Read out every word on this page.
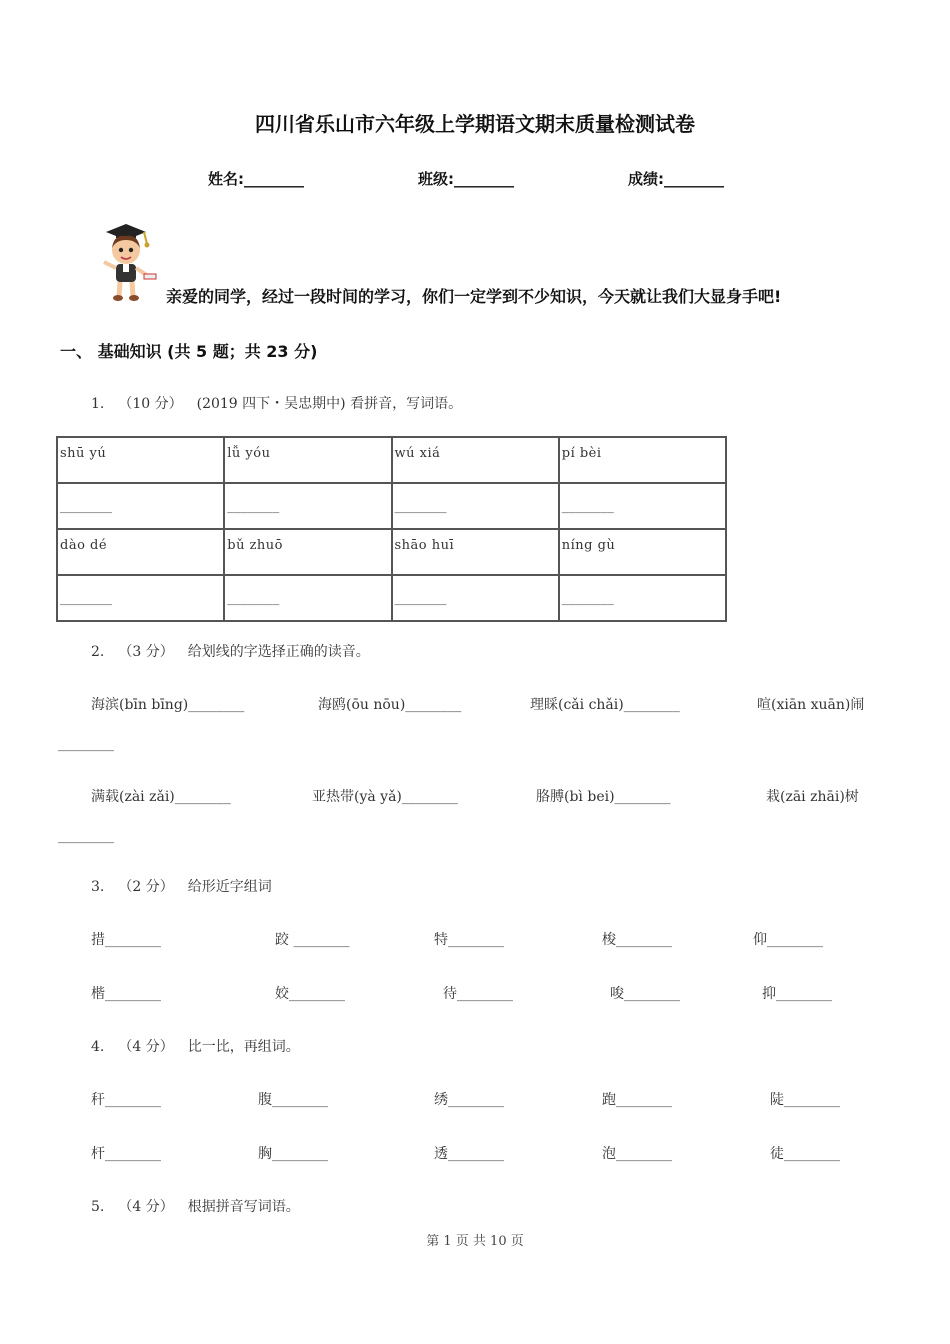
四川省乐山市六年级上学期语文期末质量检测试卷
姓名:________	班级:________	成绩:________
亲爱的同学，经过一段时间的学习，你们一定学到不少知识，今天就让我们大显身手吧!
一、 基础知识 (共 5 题；共 23 分)
1. （10 分） (2019 四下・吴忠期中) 看拼音，写词语。
shū yú	lǚ yóu	wú xiá	pí bèi

________	________	________	________

dào dé	bǔ zhuō	shāo huī	níng gù

________	________	________	________
2. （3 分） 给划线的字选择正确的读音。
海滨(bīn bīng)________	海鸥(ōu nōu)________	理睬(cǎi chǎi)________	喧(xiān xuān)闹
________
满载(zài zǎi)________	亚热带(yà yǎ)________	胳膊(bì bei)________	栽(zāi zhāi)树
________
3. （2 分） 给形近字组词
措________	跤 ________	特________	梭________	仰________
楷________	姣________	待________	唆________	抑________
4. （4 分） 比一比，再组词。
秆________	腹________	绣________	跑________	陡________
杆________	胸________	透________	泡________	徒________
5. （4 分） 根据拼音写词语。
第 1 页 共 10 页
